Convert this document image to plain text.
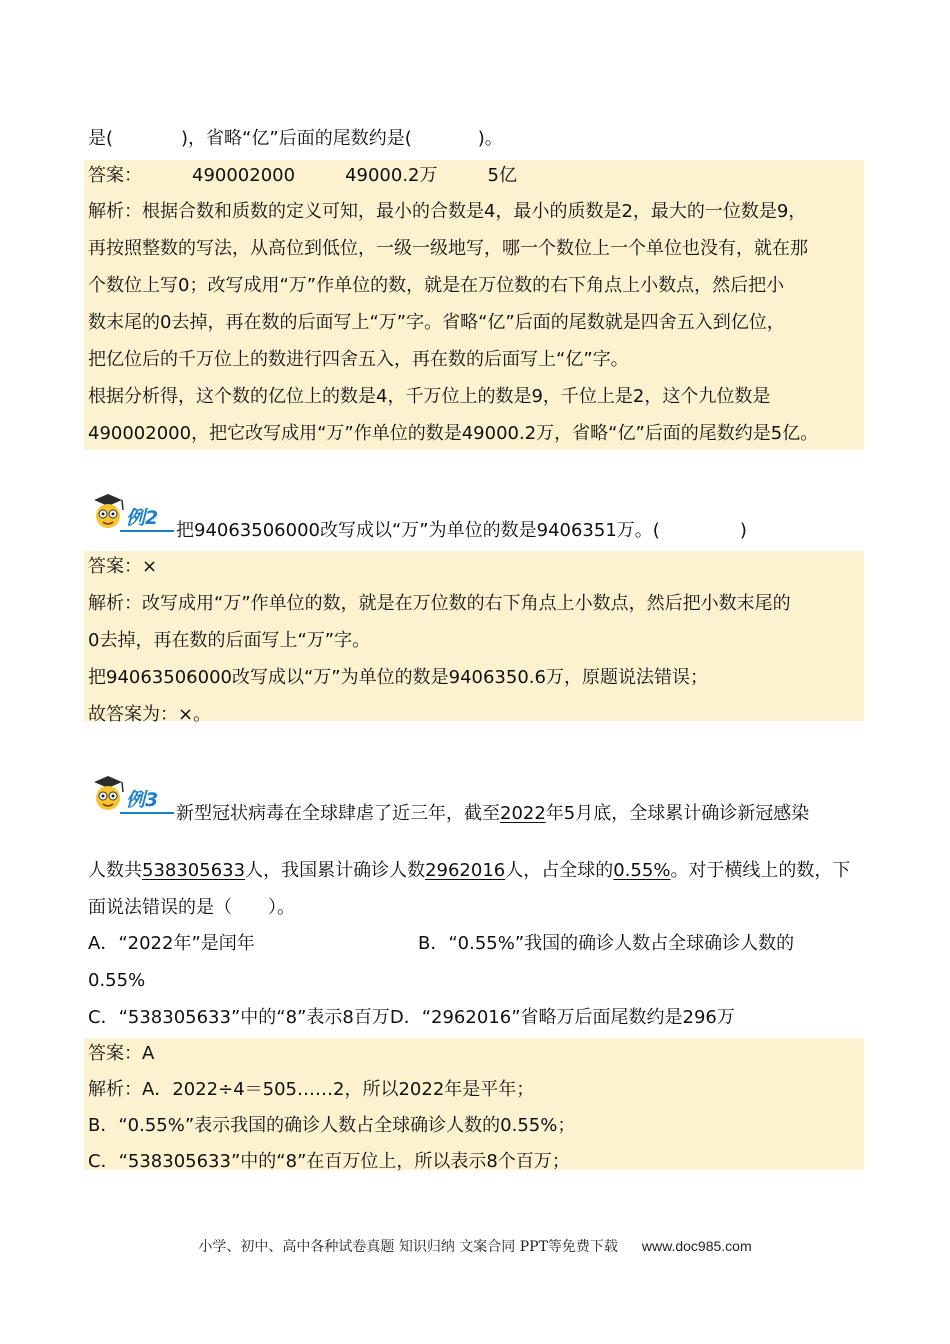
是(	)，省略“亿”后面的尾数约是(	)。
答案：	490002000	49000.2万	5亿
解析：根据合数和质数的定义可知，最小的合数是4，最小的质数是2，最大的一位数是9，
再按照整数的写法，从高位到低位，一级一级地写，哪一个数位上一个单位也没有，就在那
个数位上写0；改写成用“万”作单位的数，就是在万位数的右下角点上小数点，然后把小
数末尾的0去掉，再在数的后面写上“万”字。省略“亿”后面的尾数就是四舍五入到亿位，
把亿位后的千万位上的数进行四舍五入，再在数的后面写上“亿”字。
根据分析得，这个数的亿位上的数是4，千万位上的数是9，千位上是2，这个九位数是
490002000，把它改写成用“万”作单位的数是49000.2万，省略“亿”后面的尾数约是5亿。
例2
把94063506000改写成以“万”为单位的数是9406351万。(	)
答案：×
解析：改写成用“万”作单位的数，就是在万位数的右下角点上小数点，然后把小数末尾的
0去掉，再在数的后面写上“万”字。
把94063506000改写成以“万”为单位的数是9406350.6万，原题说法错误；
故答案为：×。
例3
新型冠状病毒在全球肆虐了近三年，截至2022年5月底，全球累计确诊新冠感染
人数共538305633人，我国累计确诊人数2962016人，占全球的0.55%。对于横线上的数，下
面说法错误的是（　　）。
A．“2022年”是闰年	B．“0.55%”我国的确诊人数占全球确诊人数的
0.55%
C．“538305633”中的“8”表示8百万D．“2962016”省略万后面尾数约是296万
答案：A
解析：A．2022÷4＝505……2，所以2022年是平年；
B．“0.55%”表示我国的确诊人数占全球确诊人数的0.55%；
C．“538305633”中的“8”在百万位上，所以表示8个百万；
小学、初中、高中各种试卷真题 知识归纳 文案合同 PPT等免费下载 www.doc985.com
